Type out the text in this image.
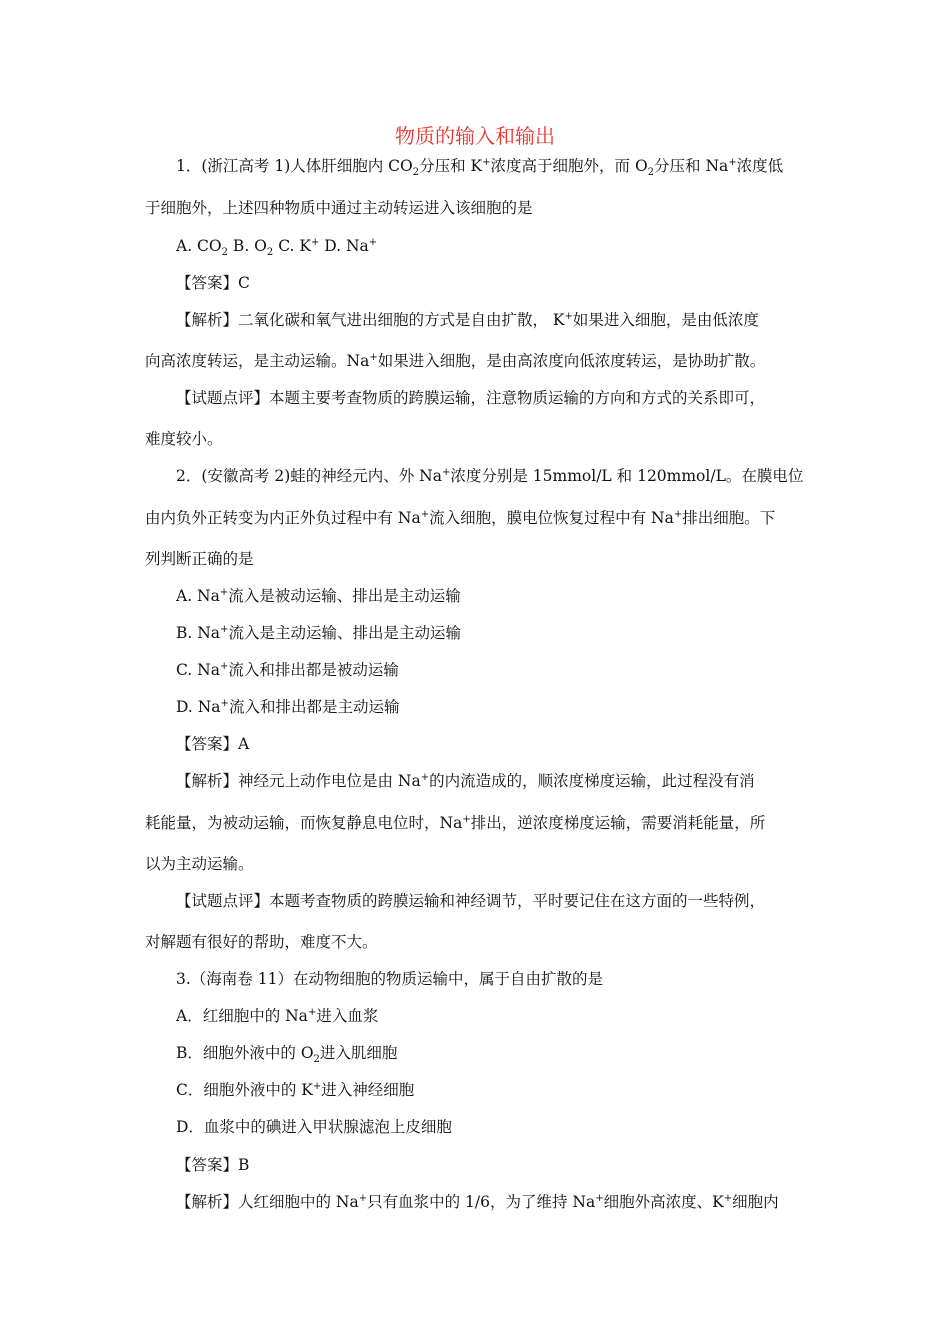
物质的输入和输出
1．(浙江高考 1)人体肝细胞内 $CO_2$分压和 K+浓度高于细胞外，而 $O_2$分压和 Na+浓度低
于细胞外，上述四种物质中通过主动转运进入该细胞的是
A. $CO_2$ B. $O_2$ C. K+ D. Na+
【答案】C
【解析】二氧化碳和氧气进出细胞的方式是自由扩散， K+如果进入细胞，是由低浓度
向高浓度转运，是主动运输。Na+如果进入细胞，是由高浓度向低浓度转运，是协助扩散。
【试题点评】本题主要考查物质的跨膜运输，注意物质运输的方向和方式的关系即可，
难度较小。
2．(安徽高考 2)蛙的神经元内、外 Na+浓度分别是 15mmol/L 和 120mmol/L。在膜电位
由内负外正转变为内正外负过程中有 Na+流入细胞，膜电位恢复过程中有 Na+排出细胞。下
列判断正确的是
A. Na+流入是被动运输、排出是主动运输
B. Na+流入是主动运输、排出是主动运输
C. Na+流入和排出都是被动运输
D. Na+流入和排出都是主动运输
【答案】A
【解析】神经元上动作电位是由 Na+的内流造成的，顺浓度梯度运输，此过程没有消
耗能量，为被动运输，而恢复静息电位时，Na+排出，逆浓度梯度运输，需要消耗能量，所
以为主动运输。
【试题点评】本题考查物质的跨膜运输和神经调节，平时要记住在这方面的一些特例，
对解题有很好的帮助，难度不大。
3.（海南卷 11）在动物细胞的物质运输中，属于自由扩散的是
A．红细胞中的 Na+进入血浆
B．细胞外液中的 $O_2$进入肌细胞
C．细胞外液中的 K+进入神经细胞
D．血浆中的碘进入甲状腺滤泡上皮细胞
【答案】B
【解析】人红细胞中的 Na+只有血浆中的 1/6，为了维持 Na+细胞外高浓度、K+细胞内
